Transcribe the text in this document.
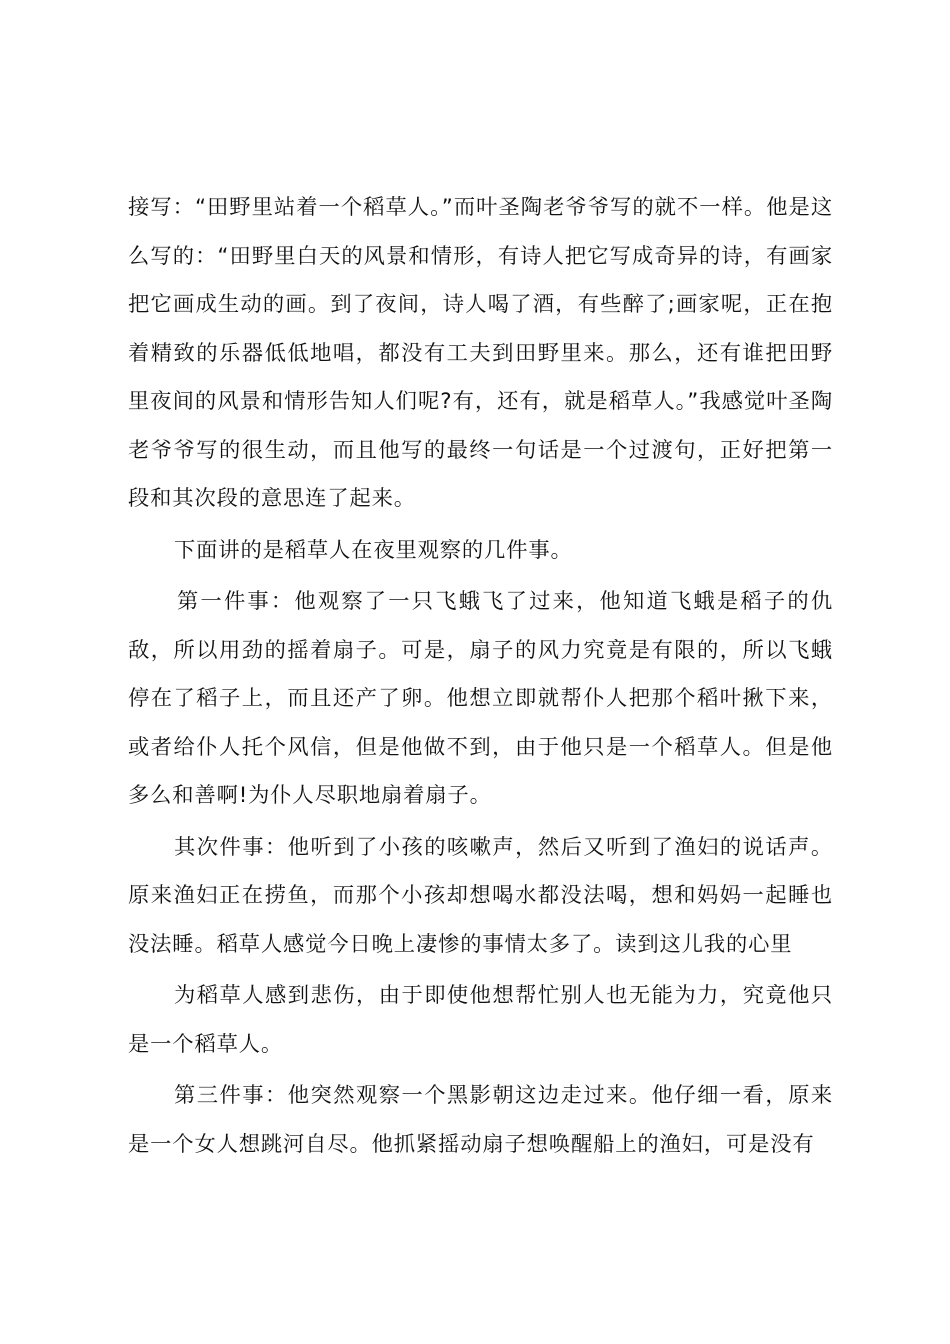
接写：“田野里站着一个稻草人。”而叶圣陶老爷爷写的就不一样。他是这么写的：“田野里白天的风景和情形，有诗人把它写成奇异的诗，有画家把它画成生动的画。到了夜间，诗人喝了酒，有些醉了;画家呢，正在抱着精致的乐器低低地唱，都没有工夫到田野里来。那么，还有谁把田野里夜间的风景和情形告知人们呢?有，还有，就是稻草人。”我感觉叶圣陶老爷爷写的很生动，而且他写的最终一句话是一个过渡句，正好把第一段和其次段的意思连了起来。

下面讲的是稻草人在夜里观察的几件事。

第一件事：他观察了一只飞蛾飞了过来，他知道飞蛾是稻子的仇敌，所以用劲的摇着扇子。可是，扇子的风力究竟是有限的，所以飞蛾停在了稻子上，而且还产了卵。他想立即就帮仆人把那个稻叶揪下来，或者给仆人托个风信，但是他做不到，由于他只是一个稻草人。但是他多么和善啊!为仆人尽职地扇着扇子。

其次件事：他听到了小孩的咳嗽声，然后又听到了渔妇的说话声。原来渔妇正在捞鱼，而那个小孩却想喝水都没法喝，想和妈妈一起睡也没法睡。稻草人感觉今日晚上凄惨的事情太多了。读到这儿我的心里

为稻草人感到悲伤，由于即使他想帮忙别人也无能为力，究竟他只是一个稻草人。

第三件事：他突然观察一个黑影朝这边走过来。他仔细一看，原来是一个女人想跳河自尽。他抓紧摇动扇子想唤醒船上的渔妇，可是没有
